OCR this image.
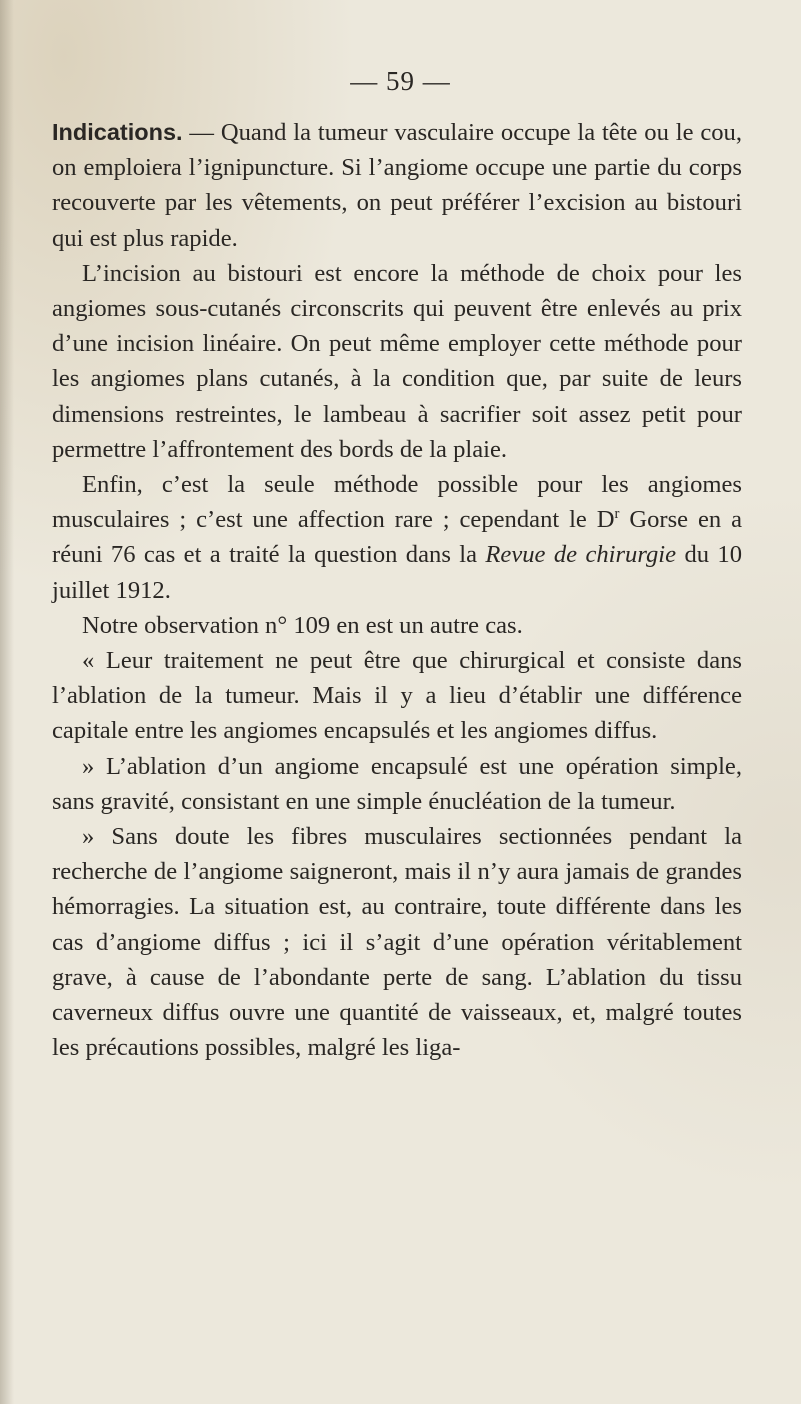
— 59 —

Indications. — Quand la tumeur vasculaire occupe la tête ou le cou, on emploiera l’ignipuncture. Si l’angiome occupe une partie du corps recouverte par les vêtements, on peut préférer l’excision au bistouri qui est plus rapide.

L’incision au bistouri est encore la méthode de choix pour les angiomes sous-cutanés circonscrits qui peuvent être enlevés au prix d’une incision linéaire. On peut même employer cette méthode pour les angiomes plans cutanés, à la condition que, par suite de leurs dimensions restreintes, le lambeau à sacrifier soit assez petit pour permettre l’affrontement des bords de la plaie.

Enfin, c’est la seule méthode possible pour les angiomes musculaires ; c’est une affection rare ; cependant le $D^r$ Gorse en a réuni 76 cas et a traité la question dans la Revue de chirurgie du 10 juillet 1912.

Notre observation n° 109 en est un autre cas.

« Leur traitement ne peut être que chirurgical et consiste dans l’ablation de la tumeur. Mais il y a lieu d’établir une différence capitale entre les angiomes encapsulés et les angiomes diffus.

» L’ablation d’un angiome encapsulé est une opération simple, sans gravité, consistant en une simple énucléation de la tumeur.

» Sans doute les fibres musculaires sectionnées pendant la recherche de l’angiome saigneront, mais il n’y aura jamais de grandes hémorragies. La situation est, au contraire, toute différente dans les cas d’angiome diffus ; ici il s’agit d’une opération véritablement grave, à cause de l’abondante perte de sang. L’ablation du tissu caverneux diffus ouvre une quantité de vaisseaux, et, malgré toutes les précautions possibles, malgré les liga-
